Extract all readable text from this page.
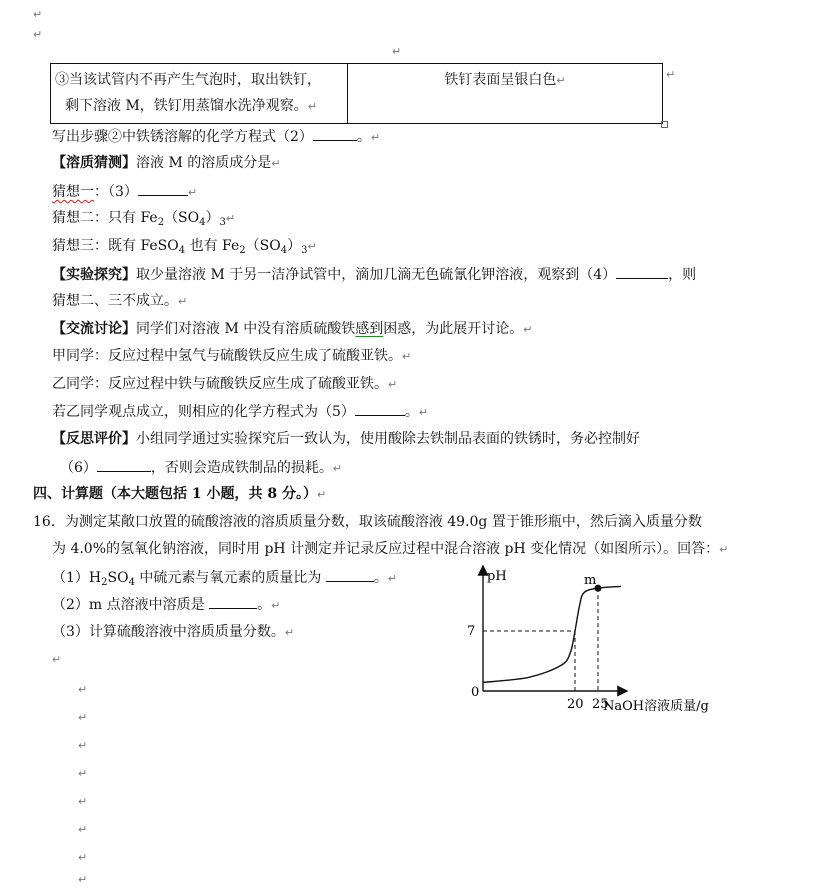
↵
↵
↵
③当该试管内不再产生气泡时，取出铁钉，
剩下溶液 M，铁钉用蒸馏水洗净观察。↵
	铁钉表面呈银白色↵	↵
写出步骤②中铁锈溶解的化学方程式（2）	。↵
【溶质猜测】溶液 M 的溶质成分是↵
猜想一：（3）	↵
猜想二：只有 $Fe_2(SO_4)_3↵$
猜想三：既有 FeSO$_4$ 也有 $Fe_2(SO_4)_3↵$
【实验探究】取少量溶液 M 于另一洁净试管中，滴加几滴无色硫氰化钾溶液，观察到（4）	，则
猜想二、三不成立。↵
【交流讨论】同学们对溶液 M 中没有溶质硫酸铁感到困惑，为此展开讨论。↵
甲同学：反应过程中氢气与硫酸铁反应生成了硫酸亚铁。↵
乙同学：反应过程中铁与硫酸铁反应生成了硫酸亚铁。↵
若乙同学观点成立，则相应的化学方程式为（5）	。↵
【反思评价】小组同学通过实验探究后一致认为，使用酸除去铁制品表面的铁锈时，务必控制好
（6）	，否则会造成铁制品的损耗。↵
四、计算题（本大题包括 1 小题，共 8 分。）↵
16．为测定某敞口放置的硫酸溶液的溶质质量分数，取该硫酸溶液 49.0g 置于锥形瓶中，然后滴入质量分数
为 4.0%的氢氧化钠溶液，同时用 pH 计测定并记录反应过程中混合溶液 pH 变化情况（如图所示）。回答：↵
$(1)H_2SO_4$ 中硫元素与氧元素的质量比为	。↵
（2）m 点溶液中溶质是	。↵
（3）计算硫酸溶液中溶质质量分数。↵
↵
↵
↵
↵
↵
↵
↵
↵
↵
pH
NaOH溶液质量/g
0
m
7
20 25
